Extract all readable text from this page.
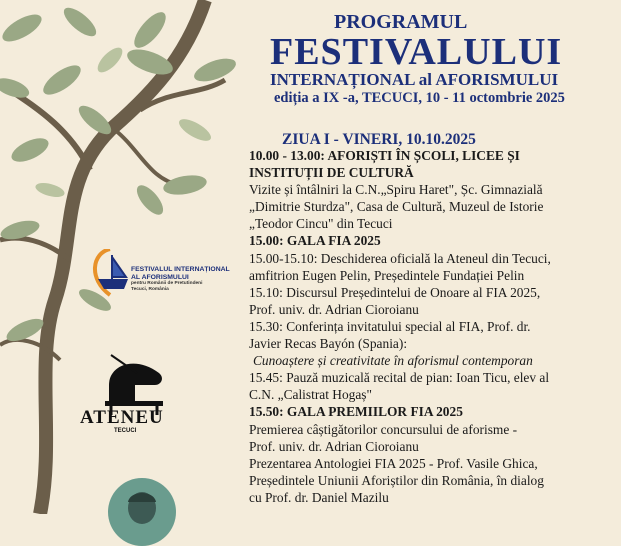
FESTIVALUL INTERNAȚIONAL
AL AFORISMULUI
pentru Românii de Pretutindeni
Tecuci, România
ATENEU
TECUCI
PROGRAMUL
FESTIVALULUI
INTERNAȚIONAL al AFORISMULUI
ediția a IX -a, TECUCI, 10 - 11 octombrie 2025
ZIUA I - VINERI, 10.10.2025
10.00 - 13.00: AFORIȘTI ÎN ȘCOLI, LICEE ȘI
INSTITUȚII DE CULTURĂ
Vizite și întâlniri la C.N.„Spiru Haret", Șc. Gimnazială
„Dimitrie Sturdza", Casa de Cultură, Muzeul de Istorie
„Teodor Cincu" din Tecuci
15.00: GALA FIA 2025
15.00-15.10: Deschiderea oficială la Ateneul din Tecuci,
amfitrion Eugen Pelin, Președintele Fundației Pelin
15.10: Discursul Președintelui de Onoare al FIA 2025,
Prof. univ. dr. Adrian Cioroianu
15.30: Conferința invitatului special al FIA, Prof. dr.
Javier Recas Bayón (Spania):
Cunoaștere și creativitate în aforismul contemporan
15.45: Pauză muzicală recital de pian: Ioan Ticu, elev al
C.N. „Calistrat Hogaș"
15.50: GALA PREMIILOR FIA 2025
Premierea câștigătorilor concursului de aforisme -
Prof. univ. dr. Adrian Cioroianu
Prezentarea Antologiei FIA 2025 - Prof. Vasile Ghica,
Președintele Uniunii Aforiștilor din România, în dialog
cu Prof. dr. Daniel Mazilu
